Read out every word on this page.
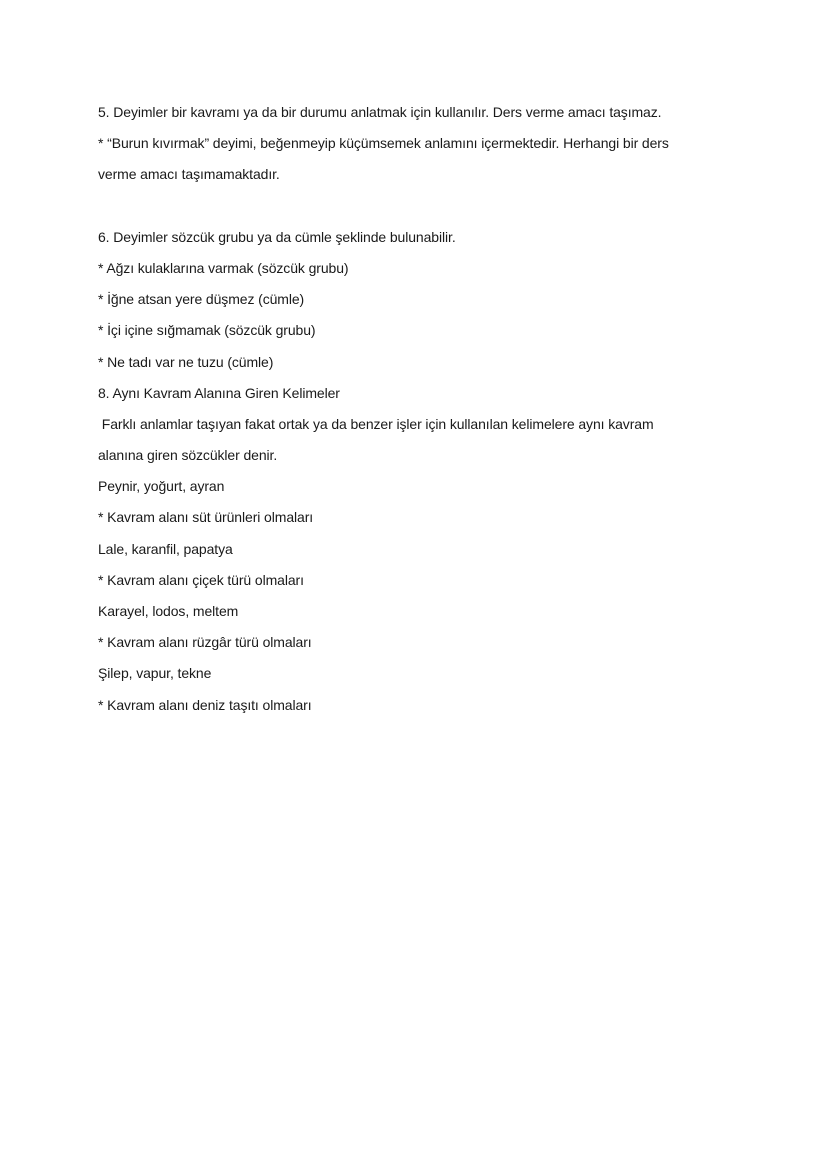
5. Deyimler bir kavramı ya da bir durumu anlatmak için kullanılır. Ders verme amacı taşımaz.
* “Burun kıvırmak” deyimi, beğenmeyip küçümsemek anlamını içermektedir. Herhangi bir ders
verme amacı taşımamaktadır.
6. Deyimler sözcük grubu ya da cümle şeklinde bulunabilir.
* Ağzı kulaklarına varmak (sözcük grubu)
* İğne atsan yere düşmez (cümle)
* İçi içine sığmamak (sözcük grubu)
* Ne tadı var ne tuzu (cümle)
8. Aynı Kavram Alanına Giren Kelimeler
Farklı anlamlar taşıyan fakat ortak ya da benzer işler için kullanılan kelimelere aynı kavram
alanına giren sözcükler denir.
Peynir, yoğurt, ayran
* Kavram alanı süt ürünleri olmaları
Lale, karanfil, papatya
* Kavram alanı çiçek türü olmaları
Karayel, lodos, meltem
* Kavram alanı rüzgâr türü olmaları
Şilep, vapur, tekne
* Kavram alanı deniz taşıtı olmaları
